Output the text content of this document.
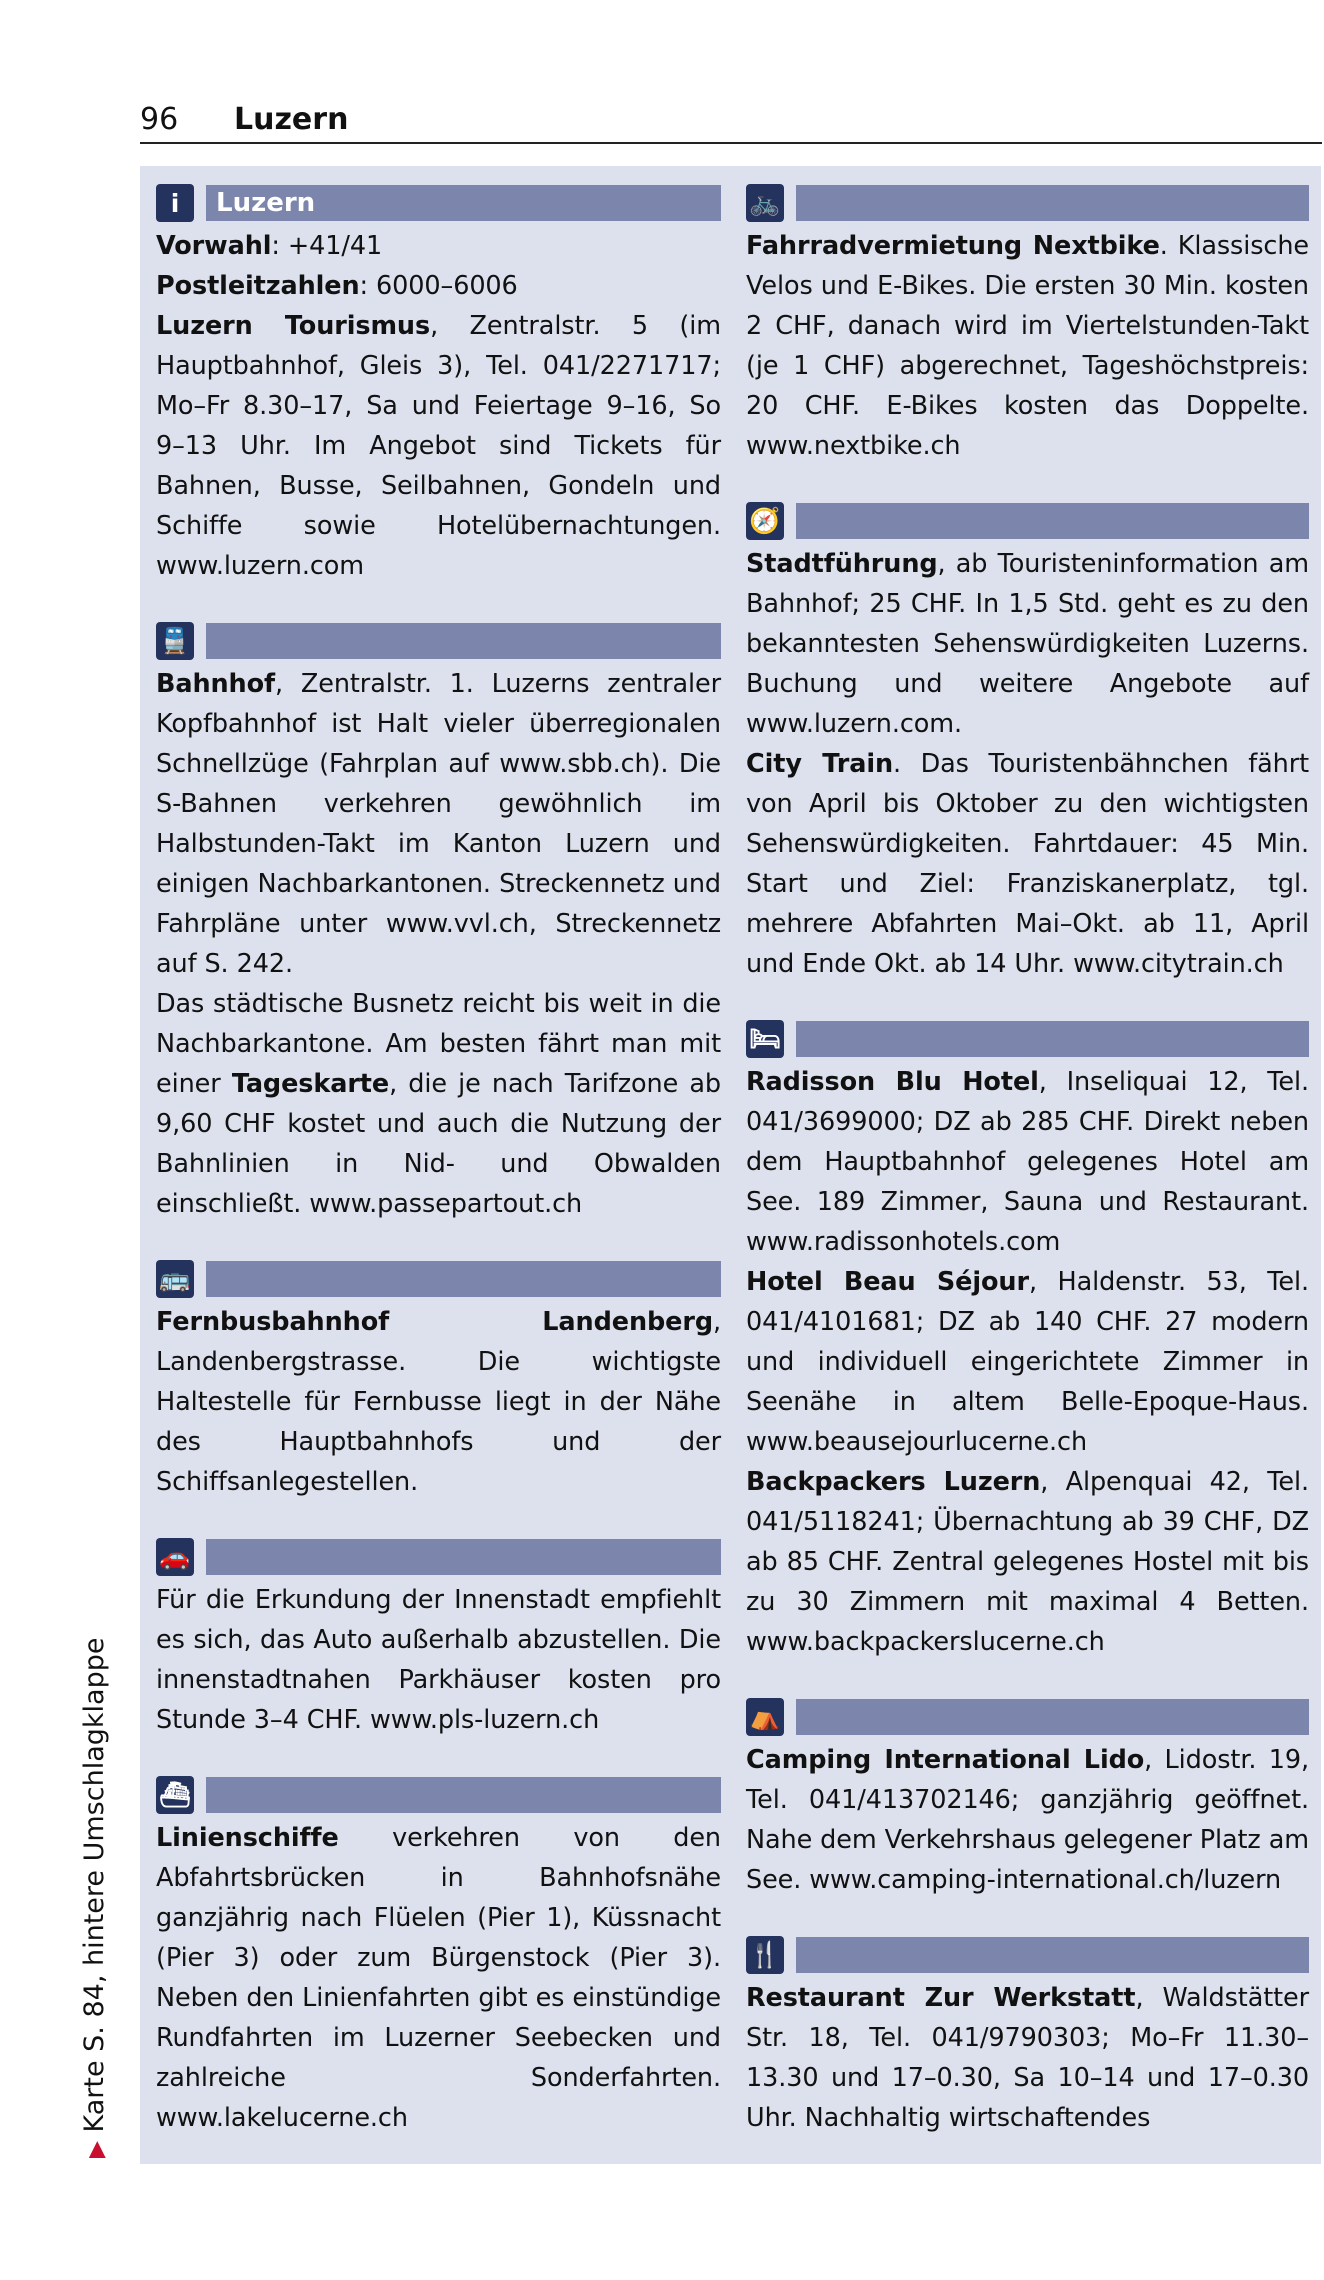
96 Luzern
▶ Karte S. 84, hintere Umschlagklappe
i	Luzern

Vorwahl: +41/41

Postleitzahlen: 6000–6006

Luzern Tourismus, Zentralstr. 5 (im Hauptbahnhof, Gleis 3), Tel. 041/2271717; Mo–Fr 8.30–17, Sa und Feiertage 9–16, So 9–13 Uhr. Im Angebot sind Tickets für Bahnen, Busse, Seilbahnen, Gondeln und Schiffe sowie Hotelübernachtungen. www.luzern.com

🚆

Bahnhof, Zentralstr. 1. Luzerns zentraler Kopfbahnhof ist Halt vieler überregionalen Schnellzüge (Fahrplan auf www.sbb.ch). Die S-Bahnen verkehren gewöhnlich im Halbstunden-Takt im Kanton Luzern und einigen Nachbarkantonen. Streckennetz und Fahrpläne unter www.vvl.ch, Streckennetz auf S. 242.

Das städtische Busnetz reicht bis weit in die Nachbarkantone. Am besten fährt man mit einer Tageskarte, die je nach Tarifzone ab 9,60 CHF kostet und auch die Nutzung der Bahnlinien in Nid- und Obwalden einschließt. www.passepartout.ch

🚌

Fernbusbahnhof Landenberg, Landenbergstrasse. Die wichtigste Haltestelle für Fernbusse liegt in der Nähe des Hauptbahnhofs und der Schiffsanlegestellen.

🚗

Für die Erkundung der Innenstadt empfiehlt es sich, das Auto außerhalb abzustellen. Die innenstadtnahen Parkhäuser kosten pro Stunde 3–4 CHF. www.pls-luzern.ch

⛴

Linienschiffe verkehren von den Abfahrtsbrücken in Bahnhofsnähe ganzjährig nach Flüelen (Pier 1), Küssnacht (Pier 3) oder zum Bürgenstock (Pier 3). Neben den Linienfahrten gibt es einstündige Rundfahrten im Luzerner Seebecken und zahlreiche Sonderfahrten. www.lakelucerne.ch

🚲

Fahrradvermietung Nextbike. Klassische Velos und E-Bikes. Die ersten 30 Min. kosten 2 CHF, danach wird im Viertelstunden-Takt (je 1 CHF) abgerechnet, Tageshöchstpreis: 20 CHF. E-Bikes kosten das Doppelte. www.nextbike.ch

🧭

Stadtführung, ab Touristeninformation am Bahnhof; 25 CHF. In 1,5 Std. geht es zu den bekanntesten Sehenswürdigkeiten Luzerns. Buchung und weitere Angebote auf www.luzern.com.

City Train. Das Touristenbähnchen fährt von April bis Oktober zu den wichtigsten Sehenswürdigkeiten. Fahrtdauer: 45 Min. Start und Ziel: Franziskanerplatz, tgl. mehrere Abfahrten Mai–Okt. ab 11, April und Ende Okt. ab 14 Uhr. www.citytrain.ch

🛏

Radisson Blu Hotel, Inseliquai 12, Tel. 041/3699000; DZ ab 285 CHF. Direkt neben dem Hauptbahnhof gelegenes Hotel am See. 189 Zimmer, Sauna und Restaurant. www.radissonhotels.com

Hotel Beau Séjour, Haldenstr. 53, Tel. 041/4101681; DZ ab 140 CHF. 27 modern und individuell eingerichtete Zimmer in Seenähe in altem Belle-Epoque-Haus. www.beausejourlucerne.ch

Backpackers Luzern, Alpenquai 42, Tel. 041/5118241; Übernachtung ab 39 CHF, DZ ab 85 CHF. Zentral gelegenes Hostel mit bis zu 30 Zimmern mit maximal 4 Betten. www.backpackerslucerne.ch

⛺

Camping International Lido, Lidostr. 19, Tel. 041/413702146; ganzjährig geöffnet. Nahe dem Verkehrshaus gelegener Platz am See. www.camping-international.ch/luzern

🍴

Restaurant Zur Werkstatt, Waldstätter Str. 18, Tel. 041/9790303; Mo–Fr 11.30–13.30 und 17–0.30, Sa 10–14 und 17–0.30 Uhr. Nachhaltig wirtschaftendes
